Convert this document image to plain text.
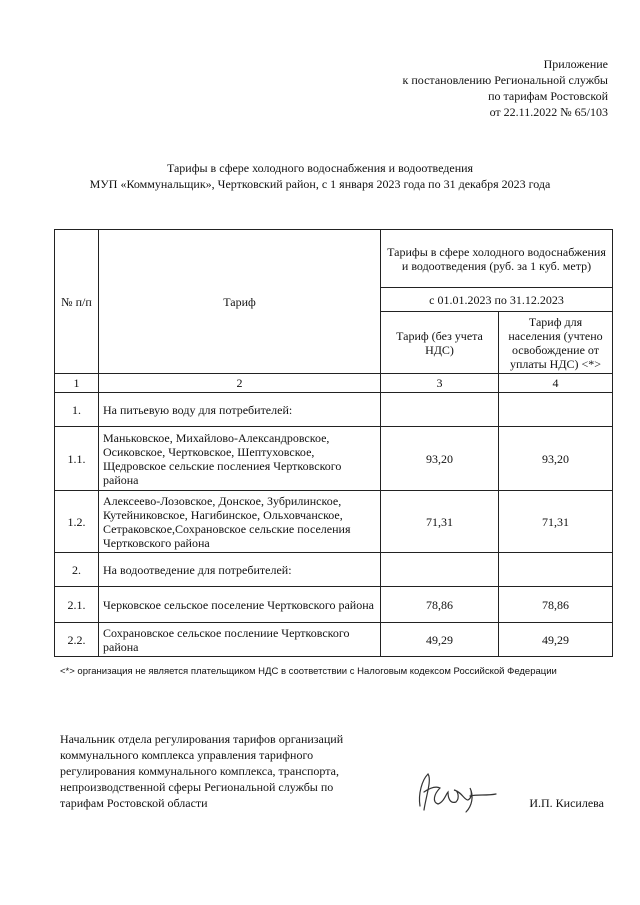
Приложение
к постановлению Региональной службы
по тарифам Ростовской
от 22.11.2022 № 65/103
Тарифы в сфере холодного водоснабжения и водоотведения
МУП «Коммунальщик», Чертковский район, с 1 января 2023 года по 31 декабря 2023 года
№ п/п	Тариф	Тарифы в сфере холодного водоснабжения и водоотведения (руб. за 1 куб. метр)	
		с 01.01.2023 по 31.12.2023	
		Тариф (без учета НДС)	Тариф для населения (учтено освобождение от уплаты НДС) <*>
1	2	3	4
1.	На питьевую воду для потребителей:		
1.1.	Маньковское, Михайлово-Александровское, Осиковское, Чертковское, Шептуховское, Щедровское сельские послениея Чертковского района	93,20	93,20
1.2.	Алексеево-Лозовское, Донское, Зубрилинское, Кутейниковское, Нагибинское, Ольховчанское, Сетраковское,Сохрановское сельские поселения Чертковского района	71,31	71,31
2.	На водоотведение для потребителей:		
2.1.	Черковское сельское поселение Чертковского района	78,86	78,86
2.2.	Сохрановское сельское послениие Чертковского района	49,29	49,29
<*> организация не является плательщиком НДС в соответствии с Налоговым кодексом Российской Федерации
Начальник отдела регулирования тарифов организаций
коммунального комплекса управления тарифного
регулирования коммунального комплекса, транспорта,
непроизводственной сферы Региональной службы по
тарифам Ростовской области	И.П. Кисилева
